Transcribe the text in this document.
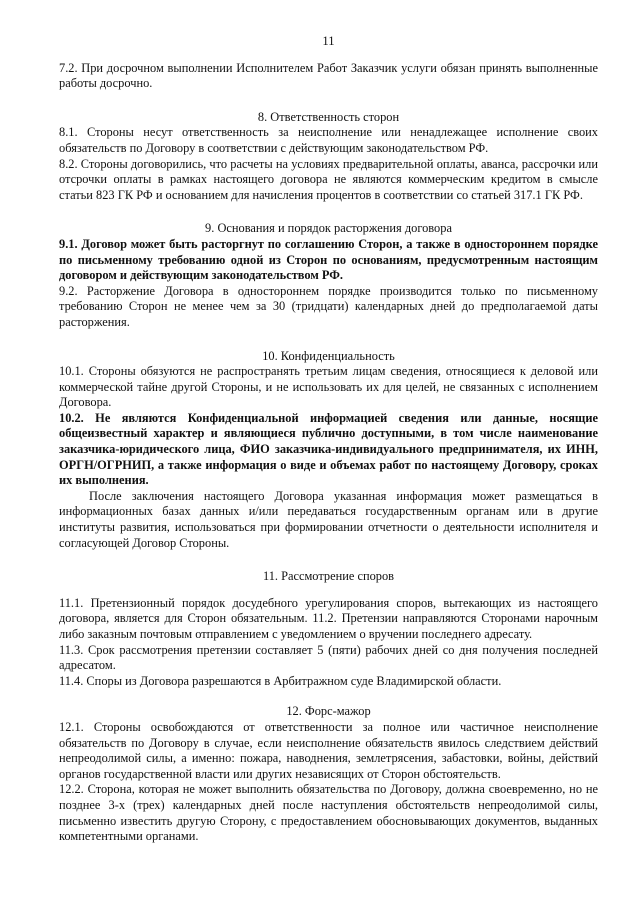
11

7.2. При досрочном выполнении Исполнителем Работ Заказчик услуги обязан принять выполненные работы досрочно.

8. Ответственность сторон

8.1. Стороны несут ответственность за неисполнение или ненадлежащее исполнение своих обязательств по Договору в соответствии с действующим законодательством РФ.

8.2. Стороны договорились, что расчеты на условиях предварительной оплаты, аванса, рассрочки или отсрочки оплаты в рамках настоящего договора не являются коммерческим кредитом в смысле статьи 823 ГК РФ и основанием для начисления процентов в соответствии со статьей 317.1 ГК РФ.

9. Основания и порядок расторжения договора

9.1. Договор может быть расторгнут по соглашению Сторон, а также в одностороннем порядке по письменному требованию одной из Сторон по основаниям, предусмотренным настоящим договором и действующим законодательством РФ.

9.2. Расторжение Договора в одностороннем порядке производится только по письменному требованию Сторон не менее чем за 30 (тридцати) календарных дней до предполагаемой даты расторжения.

10. Конфиденциальность

10.1. Стороны обязуются не распространять третьим лицам сведения, относящиеся к деловой или коммерческой тайне другой Стороны, и не использовать их для целей, не связанных с исполнением Договора.

10.2. Не являются Конфиденциальной информацией сведения или данные, носящие общеизвестный характер и являющиеся публично доступными, в том числе наименование заказчика-юридического лица, ФИО заказчика-индивидуального предпринимателя, их ИНН, ОРГН/ОГРНИП, а также информация о виде и объемах работ по настоящему Договору, сроках их выполнения.

После заключения настоящего Договора указанная информация может размещаться в информационных базах данных и/или передаваться государственным органам или в другие институты развития, использоваться при формировании отчетности о деятельности исполнителя и согласующей Договор Стороны.

11. Рассмотрение споров

11.1. Претензионный порядок досудебного урегулирования споров, вытекающих из настоящего договора, является для Сторон обязательным. 11.2. Претензии направляются Сторонами нарочным либо заказным почтовым отправлением с уведомлением о вручении последнего адресату.

11.3. Срок рассмотрения претензии составляет 5 (пяти) рабочих дней со дня получения последней адресатом.

11.4. Споры из Договора разрешаются в Арбитражном суде Владимирской области.

12. Форс-мажор

12.1. Стороны освобождаются от ответственности за полное или частичное неисполнение обязательств по Договору в случае, если неисполнение обязательств явилось следствием действий непреодолимой силы, а именно: пожара, наводнения, землетрясения, забастовки, войны, действий органов государственной власти или других независящих от Сторон обстоятельств.

12.2. Сторона, которая не может выполнить обязательства по Договору, должна своевременно, но не позднее 3-х (трех) календарных дней после наступления обстоятельств непреодолимой силы, письменно известить другую Сторону, с предоставлением обосновывающих документов, выданных компетентными органами.
